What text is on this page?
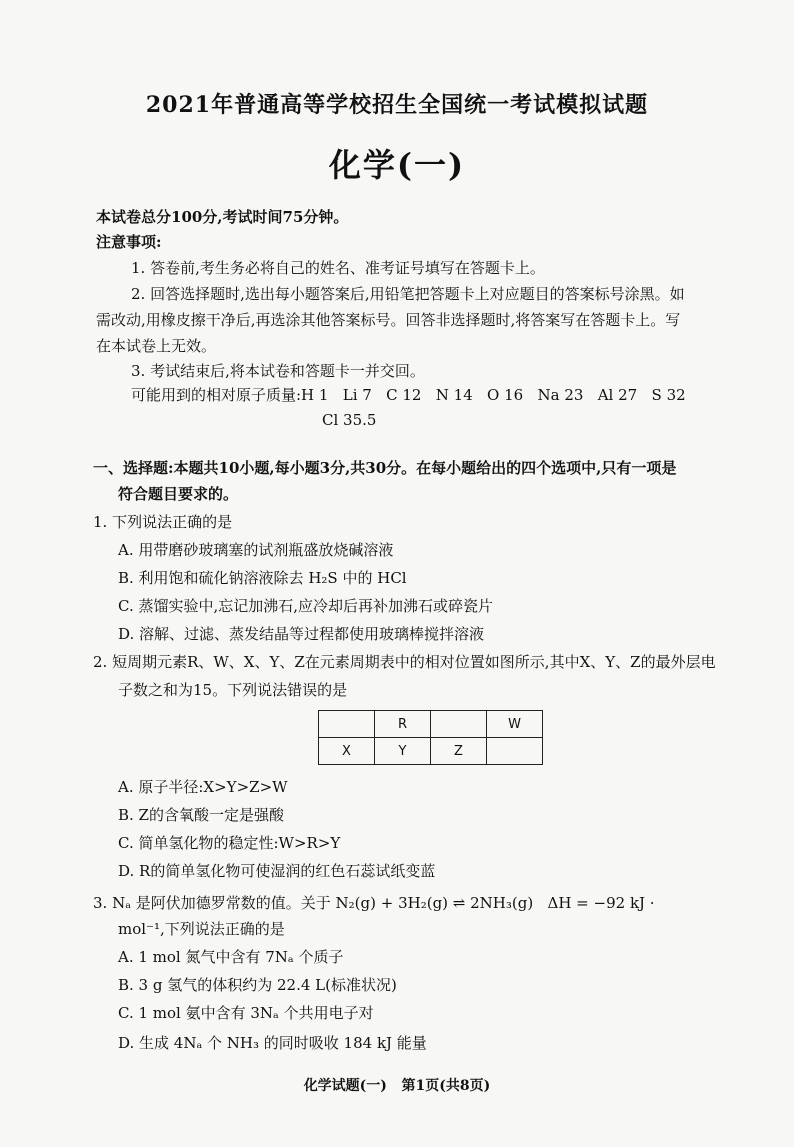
2021年普通高等学校招生全国统一考试模拟试题
化学(一)
本试卷总分100分,考试时间75分钟。
注意事项:
1. 答卷前,考生务必将自己的姓名、准考证号填写在答题卡上。
2. 回答选择题时,选出每小题答案后,用铅笔把答题卡上对应题目的答案标号涂黑。如
需改动,用橡皮擦干净后,再选涂其他答案标号。回答非选择题时,将答案写在答题卡上。写
在本试卷上无效。
3. 考试结束后,将本试卷和答题卡一并交回。
可能用到的相对原子质量:H 1   Li 7   C 12   N 14   O 16   Na 23   Al 27   S 32
Cl 35.5
一、选择题:本题共10小题,每小题3分,共30分。在每小题给出的四个选项中,只有一项是
符合题目要求的。
1. 下列说法正确的是
A. 用带磨砂玻璃塞的试剂瓶盛放烧碱溶液
B. 利用饱和硫化钠溶液除去 H₂S 中的 HCl
C. 蒸馏实验中,忘记加沸石,应冷却后再补加沸石或碎瓷片
D. 溶解、过滤、蒸发结晶等过程都使用玻璃棒搅拌溶液
2. 短周期元素R、W、X、Y、Z在元素周期表中的相对位置如图所示,其中X、Y、Z的最外层电
子数之和为15。下列说法错误的是
	R		W
X	Y	Z	
A. 原子半径:X>Y>Z>W
B. Z的含氧酸一定是强酸
C. 简单氢化物的稳定性:W>R>Y
D. R的简单氢化物可使湿润的红色石蕊试纸变蓝
3. Nₐ 是阿伏加德罗常数的值。关于 N₂(g) + 3H₂(g) ⇌ 2NH₃(g)   ΔH = −92 kJ ·
mol⁻¹,下列说法正确的是
A. 1 mol 氮气中含有 7Nₐ 个质子
B. 3 g 氢气的体积约为 22.4 L(标准状况)
C. 1 mol 氨中含有 3Nₐ 个共用电子对
D. 生成 4Nₐ 个 NH₃ 的同时吸收 184 kJ 能量
化学试题(一)   第1页(共8页)
